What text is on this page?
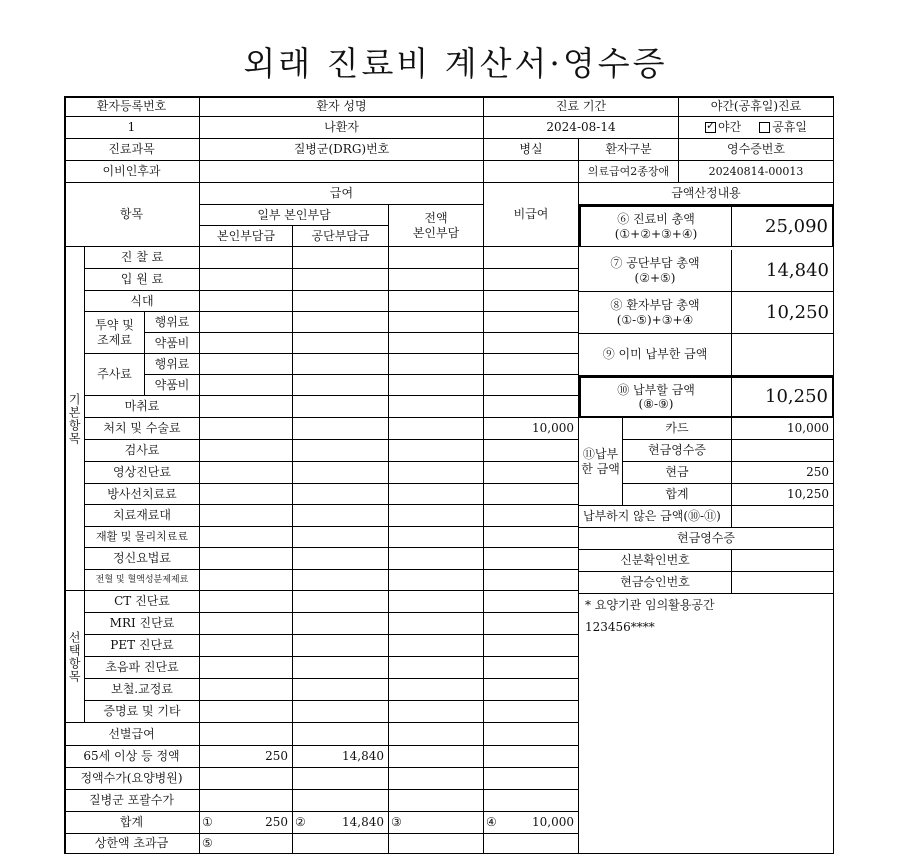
외래 진료비 계산서·영수증
환자등록번호	환자 성명	진료 기간	야간(공휴일)진료
1	나환자	2024-08-14
✓	야간	공휴일
진료과목	질병군(DRG)번호	병실	환자구분	영수증번호
이비인후과	의료급여2종장애	20240814-00013
항목
급여
일부 본인부담
본인부담금	공단부담금
전액
본인부담
비급여
기본항목
선택항목
진 찰 료
입 원 료
식대
투약 및
조제료
행위료
약품비
주사료
행위료
약품비
마취료
처치 및 수술료
검사료
영상진단료
방사선치료료
치료재료대
재활 및 물리치료료
정신요법료
전혈 및 혈액성분제제료
CT 진단료
MRI 진단료
PET 진단료
초음파 진단료
보철.교정료
증명료 및 기타
선별급여
65세 이상 등 정액
정액수가(요양병원)
질병군 포괄수가
합계
상한액 초과금
10,000
250	14,840
①	250 ②	14,840 ③	④	10,000
⑤
금액산정내용
⑥ 진료비 총액
(①+②+③+④)	25,090
⑦ 공단부담 총액
(②+⑤)	14,840
⑧ 환자부담 총액
(①-⑤)+③+④	10,250
⑨ 이미 납부한 금액
⑩ 납부할 금액
(⑧-⑨)	10,250
⑪납부
한 금액
카드	10,000
현금영수증
현금	250
합계	10,250
납부하지 않은 금액(⑩-⑪)
현금영수증
신분확인번호
현금승인번호
* 요양기관 임의활용공간
123456****
